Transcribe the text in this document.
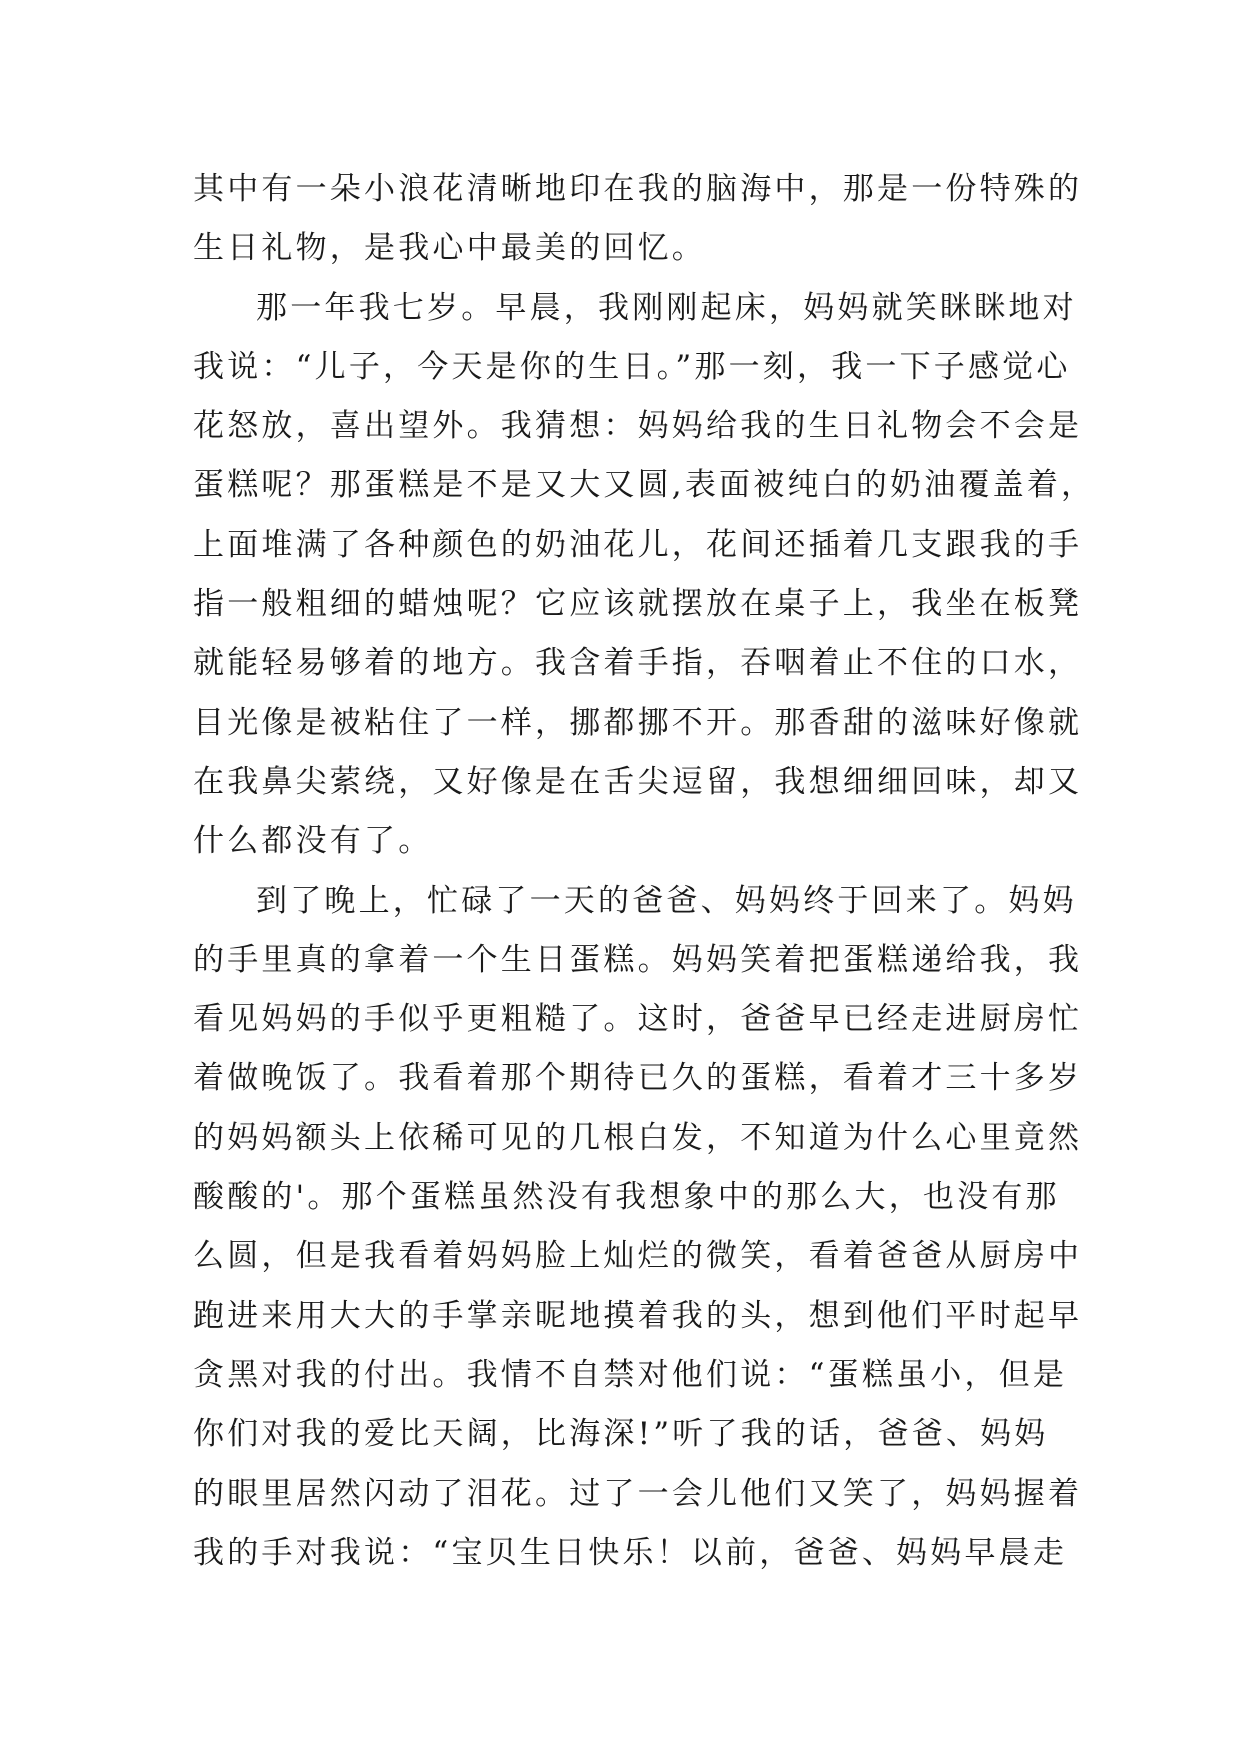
其中有一朵小浪花清晰地印在我的脑海中，那是一份特殊的
生日礼物，是我心中最美的回忆。
那一年我七岁。早晨，我刚刚起床，妈妈就笑眯眯地对
我说：“儿子，今天是你的生日。”那一刻，我一下子感觉心
花怒放，喜出望外。我猜想：妈妈给我的生日礼物会不会是
蛋糕呢？那蛋糕是不是又大又圆,表面被纯白的奶油覆盖着，
上面堆满了各种颜色的奶油花儿，花间还插着几支跟我的手
指一般粗细的蜡烛呢？它应该就摆放在桌子上，我坐在板凳
就能轻易够着的地方。我含着手指，吞咽着止不住的口水，
目光像是被粘住了一样，挪都挪不开。那香甜的滋味好像就
在我鼻尖萦绕，又好像是在舌尖逗留，我想细细回味，却又
什么都没有了。
到了晚上，忙碌了一天的爸爸、妈妈终于回来了。妈妈
的手里真的拿着一个生日蛋糕。妈妈笑着把蛋糕递给我，我
看见妈妈的手似乎更粗糙了。这时，爸爸早已经走进厨房忙
着做晚饭了。我看着那个期待已久的蛋糕，看着才三十多岁
的妈妈额头上依稀可见的几根白发，不知道为什么心里竟然
酸酸的'。那个蛋糕虽然没有我想象中的那么大，也没有那
么圆，但是我看着妈妈脸上灿烂的微笑，看着爸爸从厨房中
跑进来用大大的手掌亲昵地摸着我的头，想到他们平时起早
贪黑对我的付出。我情不自禁对他们说：“蛋糕虽小，但是
你们对我的爱比天阔，比海深!”听了我的话，爸爸、妈妈
的眼里居然闪动了泪花。过了一会儿他们又笑了，妈妈握着
我的手对我说：“宝贝生日快乐！以前，爸爸、妈妈早晨走
